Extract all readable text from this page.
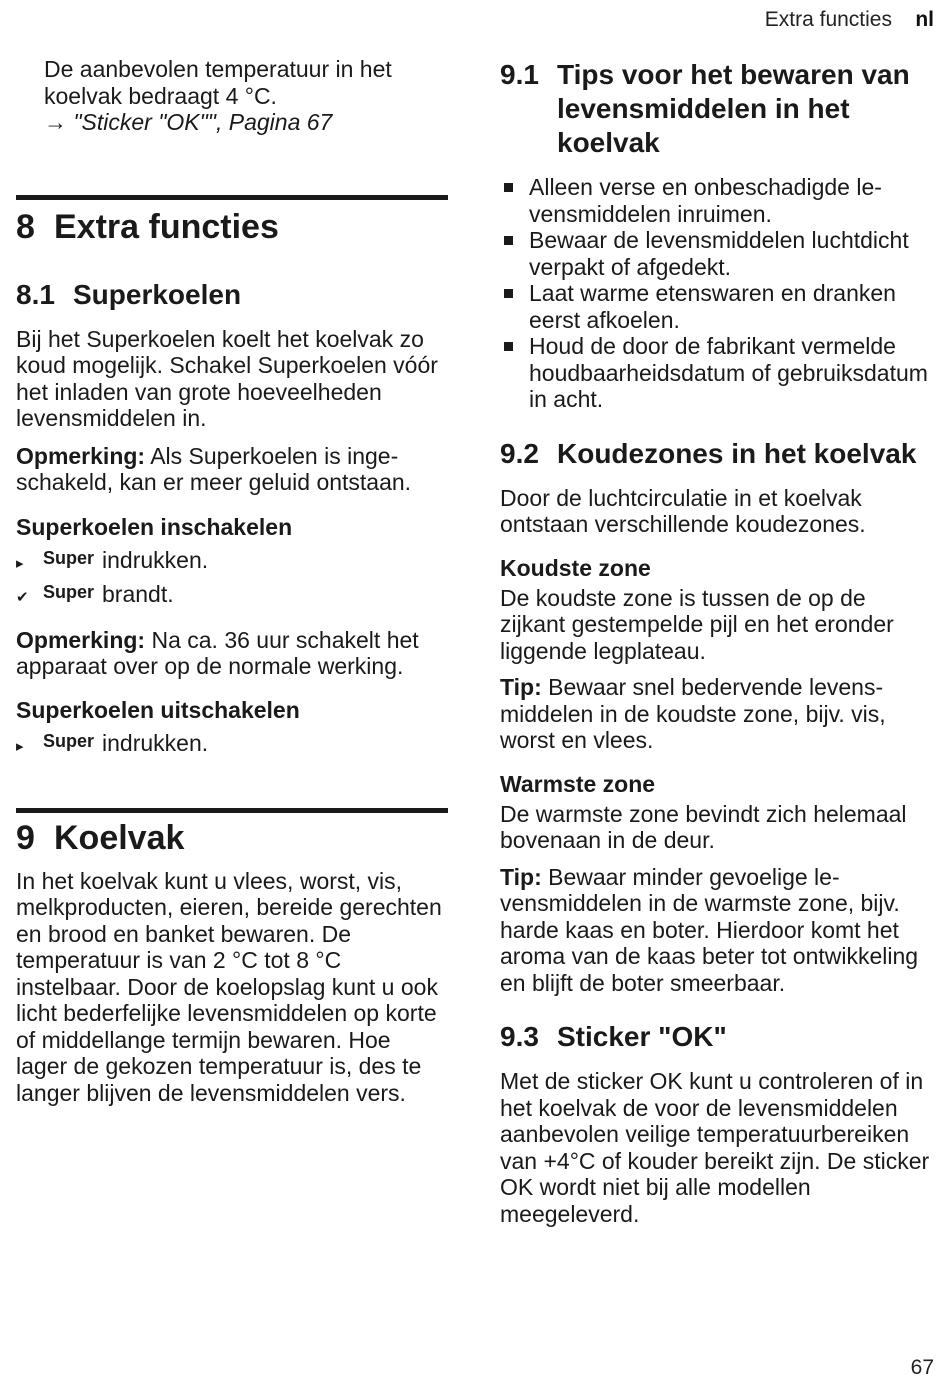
Extra functies nl

De aanbevolen temperatuur in het koelvak bedraagt 4 °C.

→ "Sticker "OK"", Pagina 67

8 Extra functies
8.1 Superkoelen

Bij het Superkoelen koelt het koelvak zo koud mogelijk. Schakel Superkoelen vóór het inladen van grote hoeveelheden levensmiddelen in.

Opmerking: Als Superkoelen is ingeschakeld, kan er meer geluid ontstaan.

Superkoelen inschakelen
▸	Super indrukken.
✔ Super brandt.

Opmerking: Na ca. 36 uur schakelt het apparaat over op de normale werking.

Superkoelen uitschakelen
▸	Super indrukken.
9 Koelvak

In het koelvak kunt u vlees, worst, vis, melkproducten, eieren, bereide gerechten en brood en banket bewaren. De temperatuur is van 2 °C tot 8 °C instelbaar. Door de koelopslag kunt u ook licht bederfelijke levensmiddelen op korte of middellange termijn bewaren. Hoe lager de gekozen temperatuur is, des te langer blijven de levensmiddelen vers.

9.1 Tips voor het bewaren van levensmiddelen in het koelvak
Alleen verse en onbeschadigde levensmiddelen inruimen.
Bewaar de levensmiddelen luchtdicht verpakt of afgedekt.
Laat warme etenswaren en dranken eerst afkoelen.
Houd de door de fabrikant vermelde houdbaarheidsdatum of gebruiksdatum in acht.
9.2 Koudezones in het koelvak

Door de luchtcirculatie in et koelvak ontstaan verschillende koudezones.

Koudste zone

De koudste zone is tussen de op de zijkant gestempelde pijl en het eronder liggende legplateau.

Tip: Bewaar snel bedervende levensmiddelen in de koudste zone, bijv. vis, worst en vlees.

Warmste zone

De warmste zone bevindt zich helemaal bovenaan in de deur.

Tip: Bewaar minder gevoelige levensmiddelen in de warmste zone, bijv. harde kaas en boter. Hierdoor komt het aroma van de kaas beter tot ontwikkeling en blijft de boter smeerbaar.

9.3 Sticker "OK"

Met de sticker OK kunt u controleren of in het koelvak de voor de levensmiddelen aanbevolen veilige temperatuurbereiken van +4°C of kouder bereikt zijn. De sticker OK wordt niet bij alle modellen meegeleverd.

67
